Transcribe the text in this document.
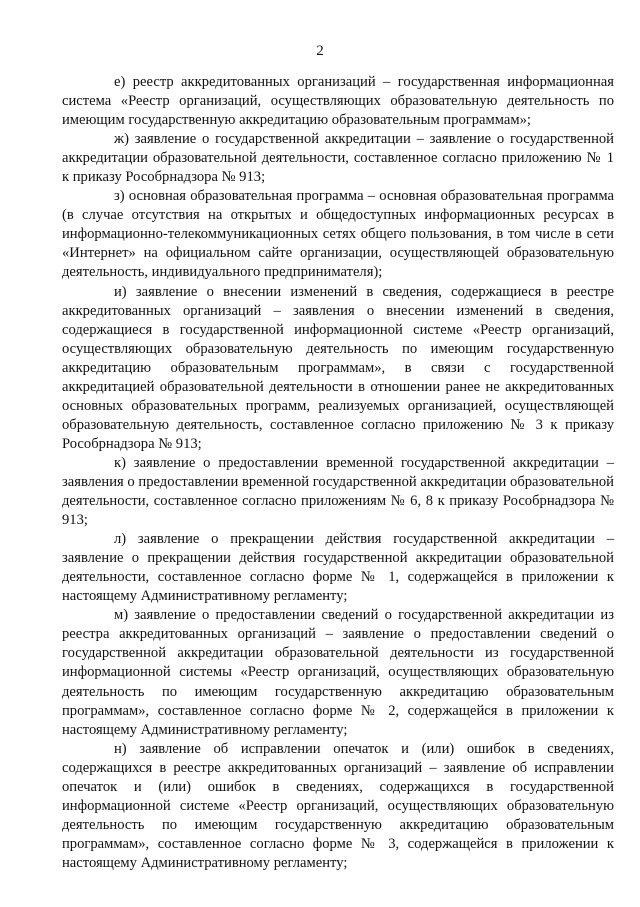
2

е) реестр аккредитованных организаций – государственная информационная система «Реестр организаций, осуществляющих образовательную деятельность по имеющим государственную аккредитацию образовательным программам»;

ж) заявление о государственной аккредитации – заявление о государственной аккредитации образовательной деятельности, составленное согласно приложению № 1 к приказу Рособрнадзора № 913;

з) основная образовательная программа – основная образовательная программа (в случае отсутствия на открытых и общедоступных информационных ресурсах в информационно-телекоммуникационных сетях общего пользования, в том числе в сети «Интернет» на официальном сайте организации, осуществляющей образовательную деятельность, индивидуального предпринимателя);

и) заявление о внесении изменений в сведения, содержащиеся в реестре аккредитованных организаций – заявления о внесении изменений в сведения, содержащиеся в государственной информационной системе «Реестр организаций, осуществляющих образовательную деятельность по имеющим государственную аккредитацию образовательным программам», в связи с государственной аккредитацией образовательной деятельности в отношении ранее не аккредитованных основных образовательных программ, реализуемых организацией, осуществляющей образовательную деятельность, составленное согласно приложению № 3 к приказу Рособрнадзора № 913;

к) заявление о предоставлении временной государственной аккредитации – заявления о предоставлении временной государственной аккредитации образовательной деятельности, составленное согласно приложениям № 6, 8 к приказу Рособрнадзора № 913;

л) заявление о прекращении действия государственной аккредитации – заявление о прекращении действия государственной аккредитации образовательной деятельности, составленное согласно форме № 1, содержащейся в приложении к настоящему Административному регламенту;

м) заявление о предоставлении сведений о государственной аккредитации из реестра аккредитованных организаций – заявление о предоставлении сведений о государственной аккредитации образовательной деятельности из государственной информационной системы «Реестр организаций, осуществляющих образовательную деятельность по имеющим государственную аккредитацию образовательным программам», составленное согласно форме № 2, содержащейся в приложении к настоящему Административному регламенту;

н) заявление об исправлении опечаток и (или) ошибок в сведениях, содержащихся в реестре аккредитованных организаций – заявление об исправлении опечаток и (или) ошибок в сведениях, содержащихся в государственной информационной системе «Реестр организаций, осуществляющих образовательную деятельность по имеющим государственную аккредитацию образовательным программам», составленное согласно форме № 3, содержащейся в приложении к настоящему Административному регламенту;
